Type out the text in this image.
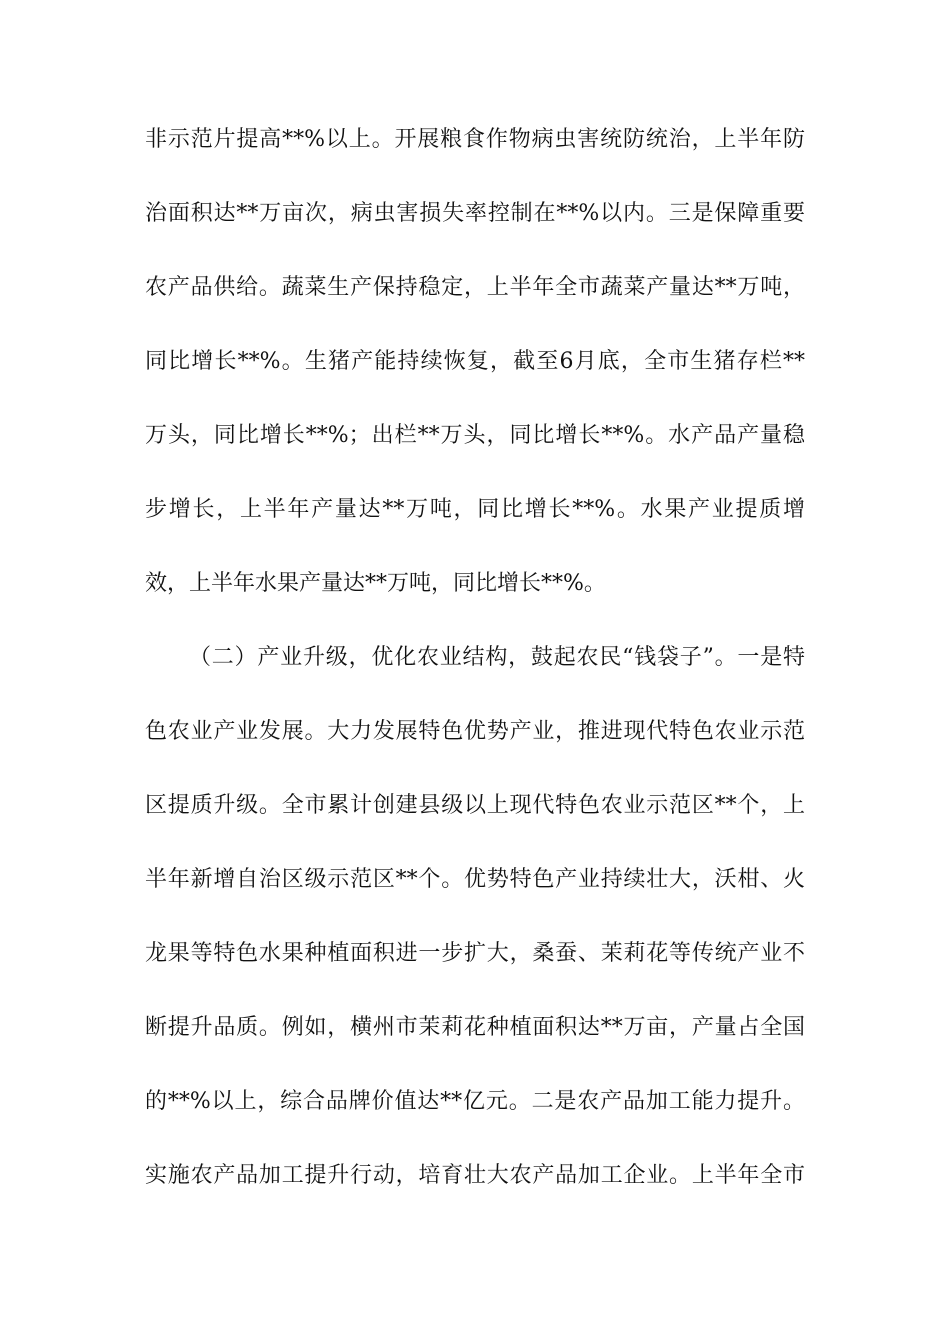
非示范片提高**%以上。开展粮食作物病虫害统防统治，上半年防
治面积达**万亩次，病虫害损失率控制在**%以内。三是保障重要
农产品供给。蔬菜生产保持稳定，上半年全市蔬菜产量达**万吨，
同比增长**%。生猪产能持续恢复，截至6月底，全市生猪存栏**
万头，同比增长**%；出栏**万头，同比增长**%。水产品产量稳
步增长，上半年产量达**万吨，同比增长**%。水果产业提质增
效，上半年水果产量达**万吨，同比增长**%。
（二）产业升级，优化农业结构，鼓起农民“钱袋子”。一是特
色农业产业发展。大力发展特色优势产业，推进现代特色农业示范
区提质升级。全市累计创建县级以上现代特色农业示范区**个，上
半年新增自治区级示范区**个。优势特色产业持续壮大，沃柑、火
龙果等特色水果种植面积进一步扩大，桑蚕、茉莉花等传统产业不
断提升品质。例如，横州市茉莉花种植面积达**万亩，产量占全国
的**%以上，综合品牌价值达**亿元。二是农产品加工能力提升。
实施农产品加工提升行动，培育壮大农产品加工企业。上半年全市
